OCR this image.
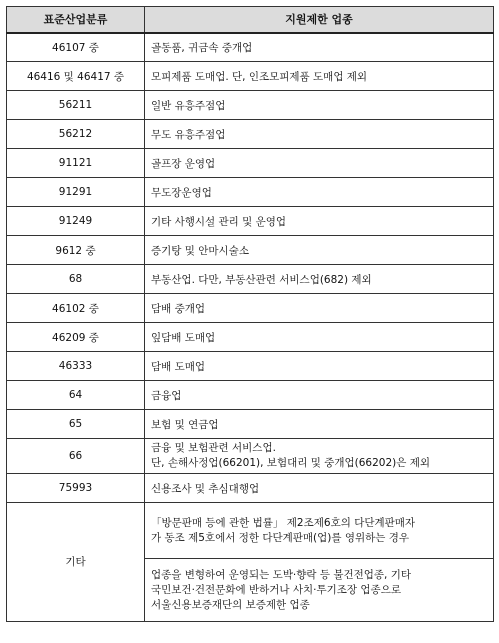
표준산업분류	지원제한 업종
46107 중	골동품, 귀금속 중개업
46416 및 46417 중	모피제품 도매업. 단, 인조모피제품 도매업 제외
56211	일반 유흥주점업
56212	무도 유흥주점업
91121	골프장 운영업
91291	무도장운영업
91249	기타 사행시설 관리 및 운영업
9612 중	증기탕 및 안마시술소
68	부동산업. 다만, 부동산관련 서비스업(682) 제외
46102 중	담배 중개업
46209 중	잎담배 도매업
46333	담배 도매업
64	금융업
65	보험 및 연금업
66	금융 및 보험관련 서비스업.
단, 손해사정업(66201), 보험대리 및 중개업(66202)은 제외

75993	신용조사 및 추심대행업
기타	「방문판매 등에 관한 법률」 제2조제6호의 다단계판매자
가 동조 제5호에서 정한 다단계판매(업)를 영위하는 경우

	업종을 변형하여 운영되는 도박·향락 등 불건전업종, 기타
국민보건·건전문화에 반하거나 사치·투기조장 업종으로
서울신용보증재단의 보증제한 업종
